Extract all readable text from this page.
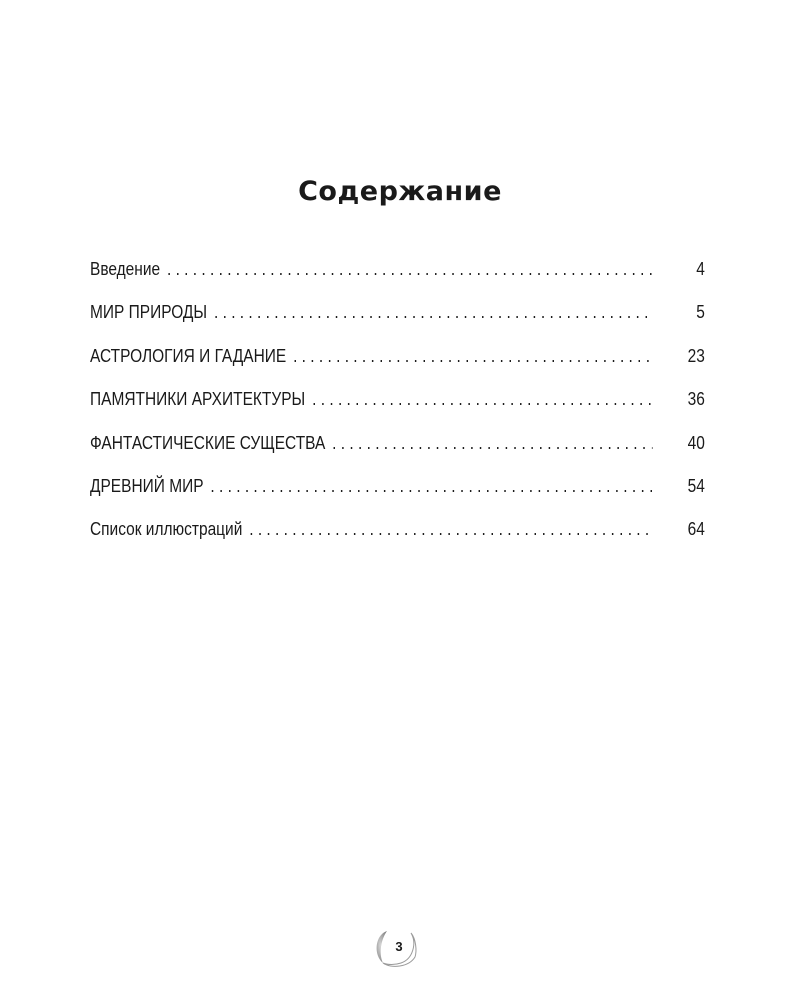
Содержание
Введение . . .	4
МИР ПРИРОДЫ . . .	5
АСТРОЛОГИЯ И ГАДАНИЕ . . .	23
ПАМЯТНИКИ АРХИТЕКТУРЫ . . .	36
ФАНТАСТИЧЕСКИЕ СУЩЕСТВА . . .	40
ДРЕВНИЙ МИР . . .	54
Список иллюстраций . . .	64
3
